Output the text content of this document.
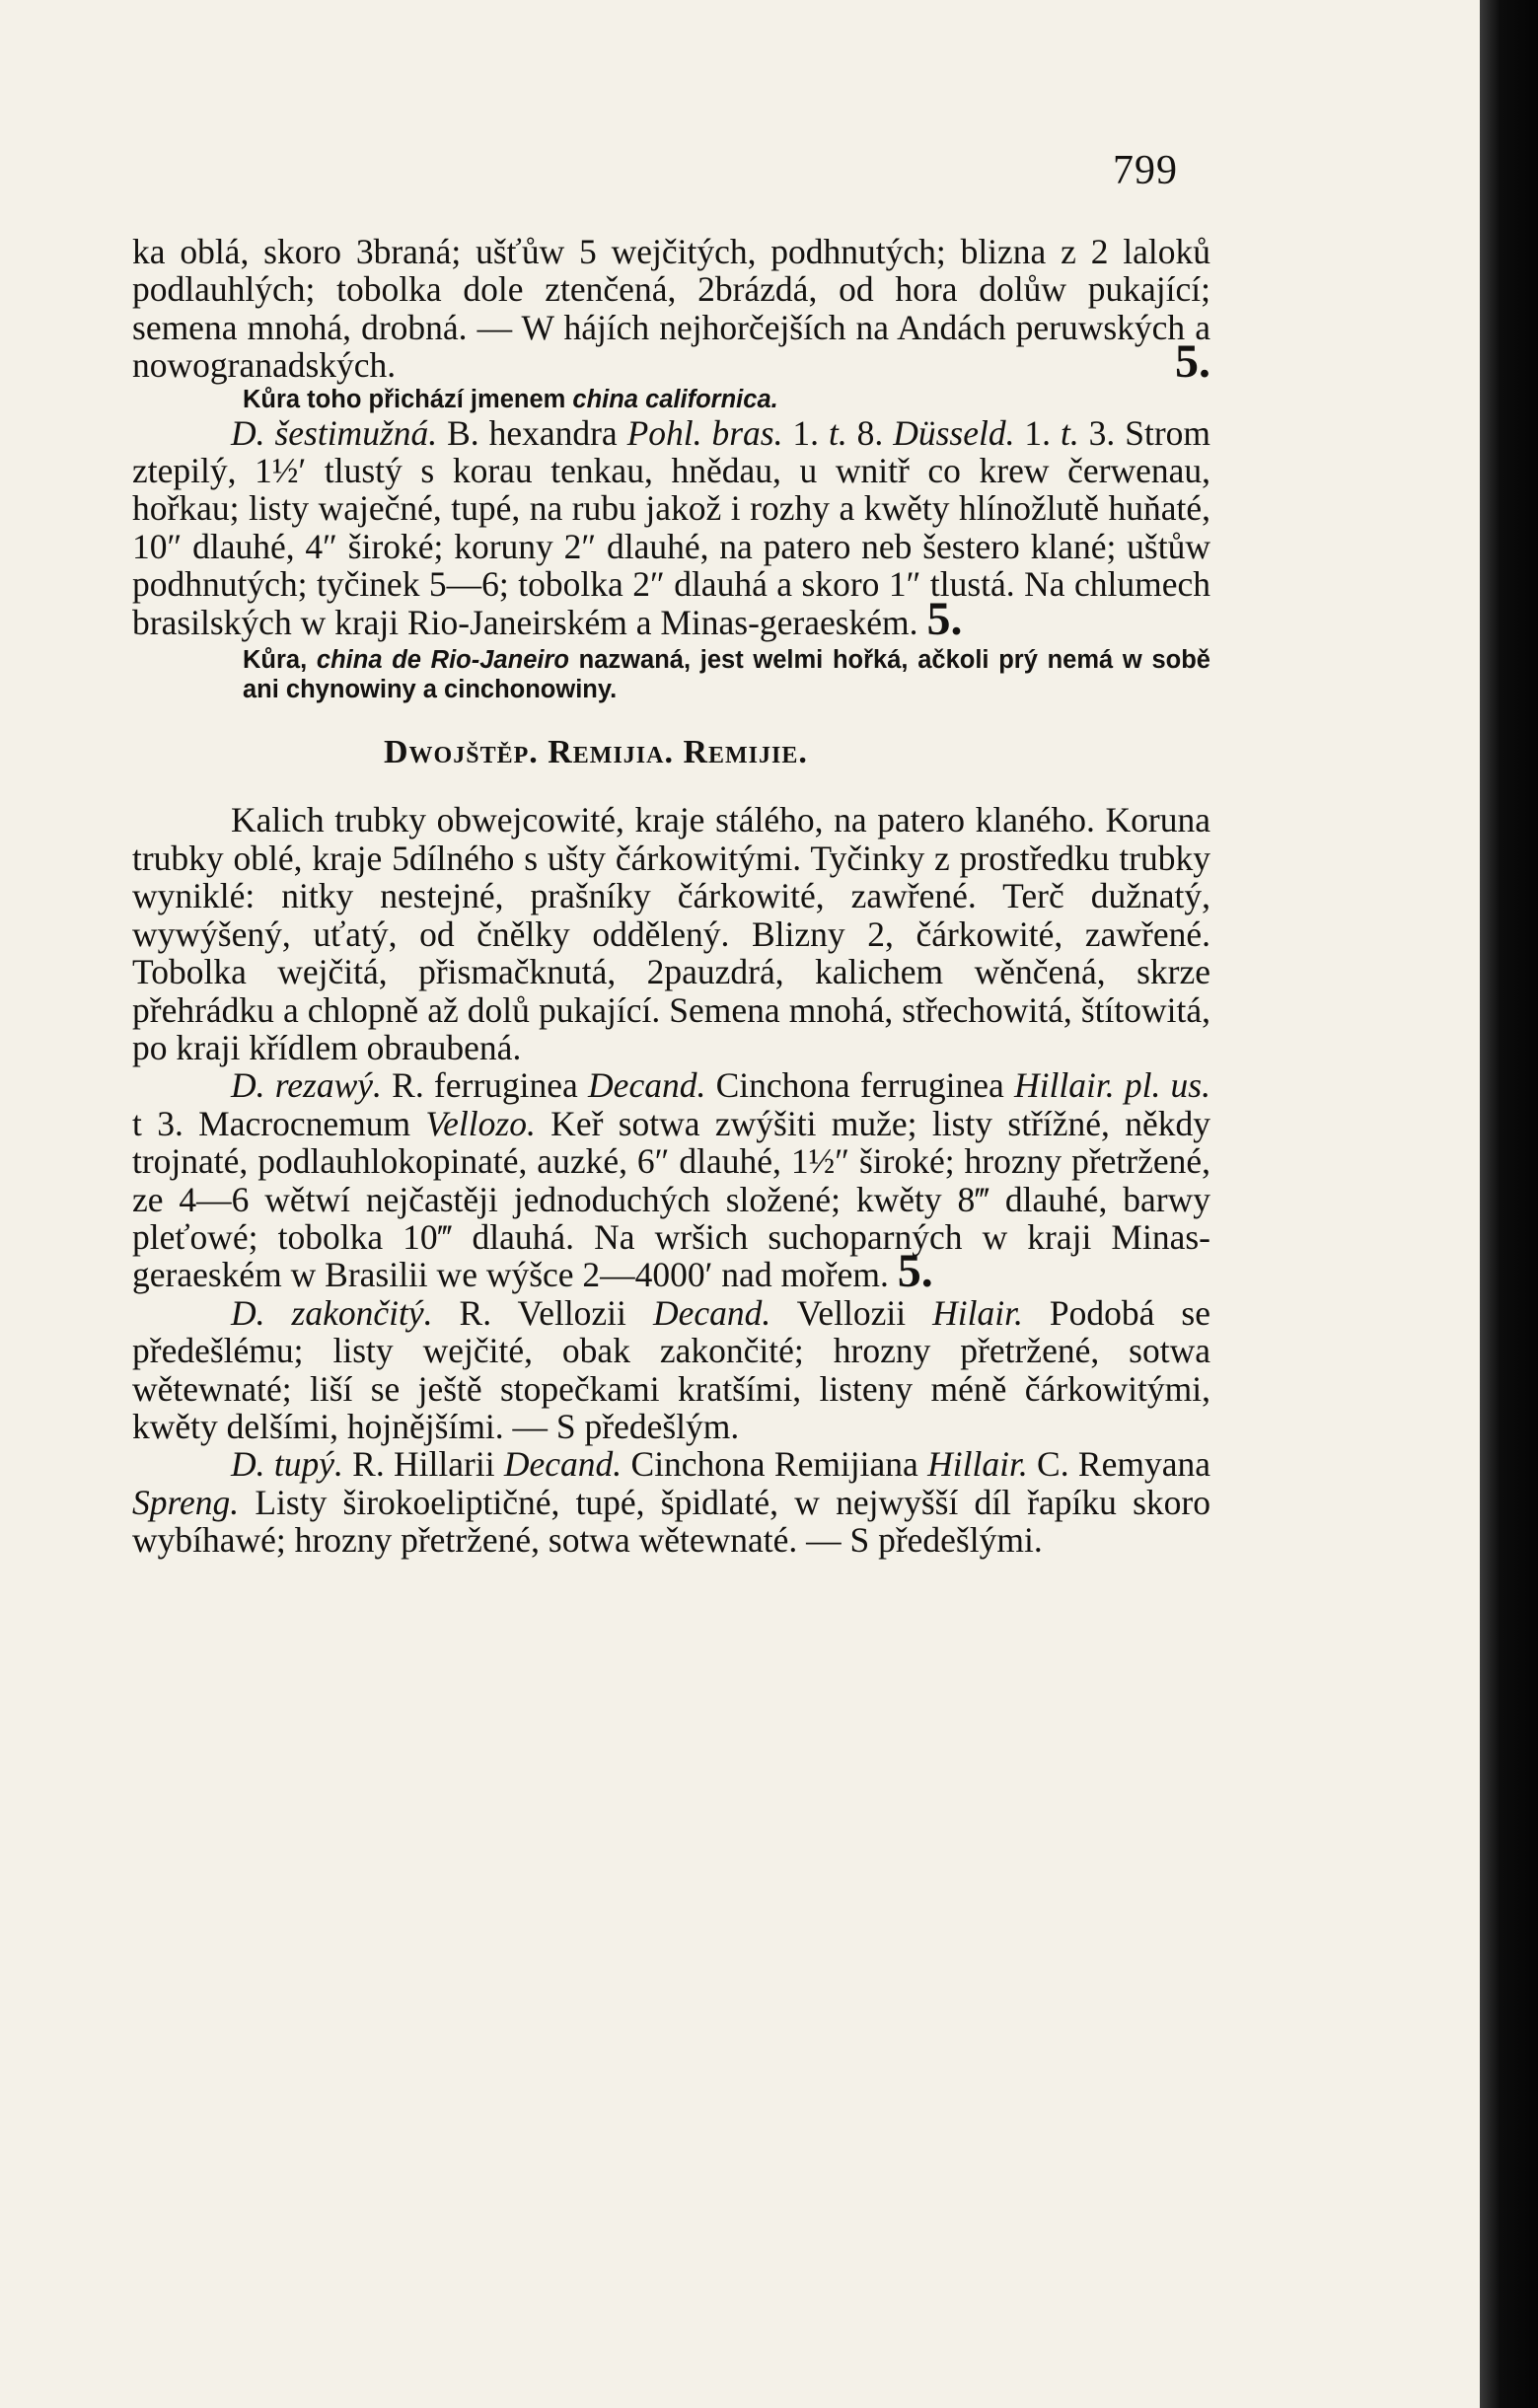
799

ka oblá, skoro 3braná; ušťůw 5 wejčitých, podhnutých; blizna z 2 laloků podlauhlých; tobolka dole ztenčená, 2brázdá, od hora dolůw pukající; semena mnohá, drobná. — W hájích nejhorčejších na Andách peruwských a nowogranadských.	5.

Kůra toho přichází jmenem china californica.

D. šestimužná. B. hexandra Pohl. bras. 1. t. 8. Düsseld. 1. t. 3. Strom ztepilý, 1½′ tlustý s korau tenkau, hnědau, u wnitř co krew čerwenau, hořkau; listy waječné, tupé, na rubu jakož i rozhy a kwěty hlínožlutě huňaté, 10″ dlauhé, 4″ široké; koruny 2″ dlauhé, na patero neb šestero klané; uštůw podhnutých; tyčinek 5—6; tobolka 2″ dlauhá a skoro 1″ tlustá. Na chlumech brasilských w kraji Rio-Janeirském a Minas-geraeském. 5.

Kůra, china de Rio-Janeiro nazwaná, jest welmi hořká, ačkoli prý nemá w sobě ani chynowiny a cinchonowiny.

Dwojštěp. Remijia. Remijie.

Kalich trubky obwejcowité, kraje stálého, na patero klaného. Koruna trubky oblé, kraje 5dílného s ušty čárkowitými. Tyčinky z prostředku trubky wyniklé: nitky nestejné, prašníky čárkowité, zawřené. Terč dužnatý, wywýšený, uťatý, od čnělky oddělený. Blizny 2, čárkowité, zawřené. Tobolka wejčitá, přismačknutá, 2pauzdrá, kalichem wěnčená, skrze přehrádku a chlopně až dolů pukající. Semena mnohá, střechowitá, štítowitá, po kraji křídlem obraubená.

D. rezawý. R. ferruginea Decand. Cinchona ferruginea Hillair. pl. us. t 3. Macrocnemum Vellozo. Keř sotwa zwýšiti muže; listy střížné, někdy trojnaté, podlauhlokopinaté, auzké, 6″ dlauhé, 1½″ široké; hrozny přetržené, ze 4—6 wětwí nejčastěji jednoduchých složené; kwěty 8‴ dlauhé, barwy pleťowé; tobolka 10‴ dlauhá. Na wršich suchoparných w kraji Minas-geraeském w Brasilii we wýšce 2—4000′ nad mořem. 5.

D. zakončitý. R. Vellozii Decand. Vellozii Hilair. Podobá se předešlému; listy wejčité, obak zakončité; hrozny přetržené, sotwa wětewnaté; liší se ještě stopečkami kratšími, listeny méně čárkowitými, kwěty delšími, hojnějšími. — S předešlým.

D. tupý. R. Hillarii Decand. Cinchona Remijiana Hillair. C. Remyana Spreng. Listy širokoeliptičné, tupé, špidlaté, w nejwyšší díl řapíku skoro wybíhawé; hrozny přetržené, sotwa wětewnaté. — S předešlými.
